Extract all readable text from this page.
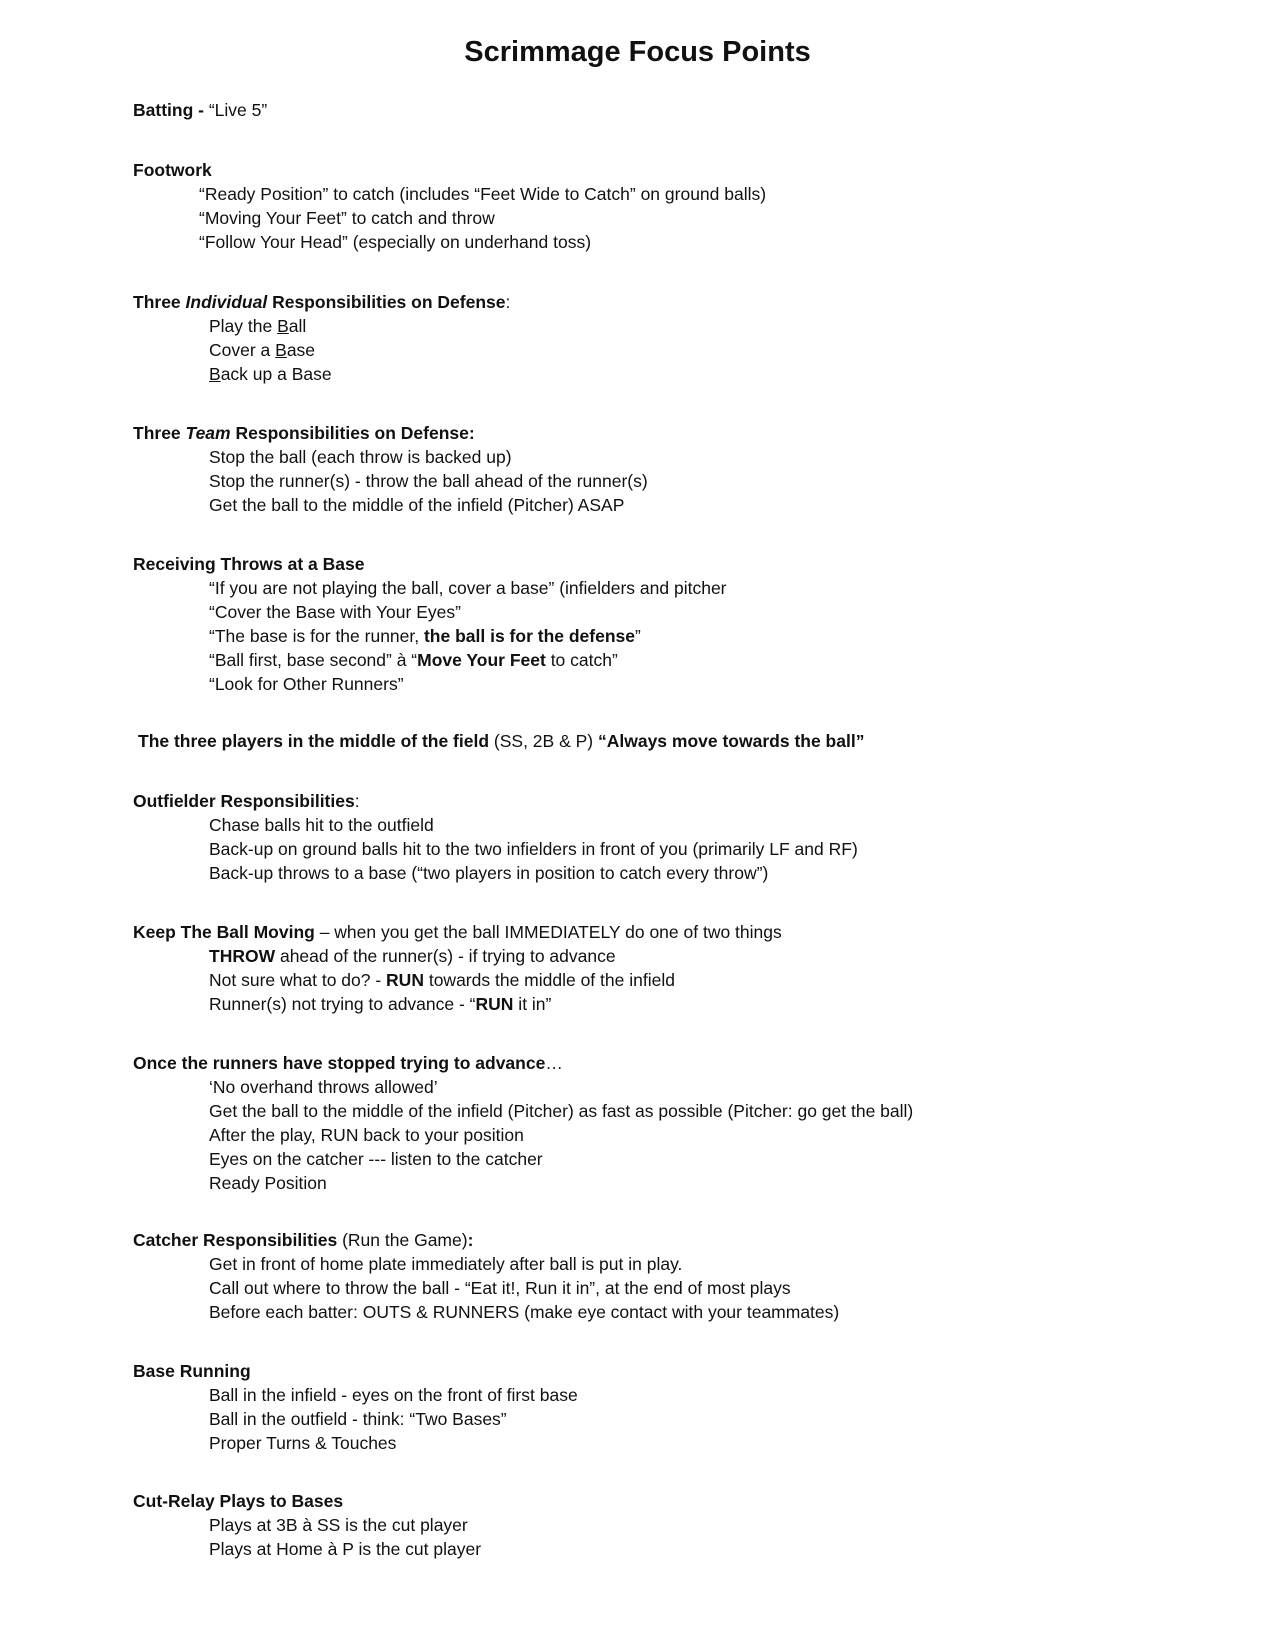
Scrimmage Focus Points
Batting - “Live 5”
Footwork
“Ready Position” to catch (includes “Feet Wide to Catch” on ground balls)
“Moving Your Feet” to catch and throw
“Follow Your Head” (especially on underhand toss)
Three Individual Responsibilities on Defense:
Play the Ball
Cover a Base
Back up a Base
Three Team Responsibilities on Defense:
Stop the ball (each throw is backed up)
Stop the runner(s) - throw the ball ahead of the runner(s)
Get the ball to the middle of the infield (Pitcher) ASAP
Receiving Throws at a Base
“If you are not playing the ball, cover a base” (infielders and pitcher
“Cover the Base with Your Eyes”
“The base is for the runner, the ball is for the defense”
“Ball first, base second” à “Move Your Feet to catch”
“Look for Other Runners”
The three players in the middle of the field (SS, 2B & P) “Always move towards the ball”
Outfielder Responsibilities:
Chase balls hit to the outfield
Back-up on ground balls hit to the two infielders in front of you (primarily LF and RF)
Back-up throws to a base (“two players in position to catch every throw”)
Keep The Ball Moving – when you get the ball IMMEDIATELY do one of two things
THROW ahead of the runner(s) - if trying to advance
Not sure what to do? - RUN towards the middle of the infield
Runner(s) not trying to advance - “RUN it in”
Once the runners have stopped trying to advance…
‘No overhand throws allowed’
Get the ball to the middle of the infield (Pitcher) as fast as possible (Pitcher: go get the ball)
After the play, RUN back to your position
Eyes on the catcher --- listen to the catcher
Ready Position
Catcher Responsibilities (Run the Game):
Get in front of home plate immediately after ball is put in play.
Call out where to throw the ball - “Eat it!, Run it in”, at the end of most plays
Before each batter: OUTS & RUNNERS (make eye contact with your teammates)
Base Running
Ball in the infield - eyes on the front of first base
Ball in the outfield - think: “Two Bases”
Proper Turns & Touches
Cut-Relay Plays to Bases
Plays at 3B à SS is the cut player
Plays at Home à P is the cut player
